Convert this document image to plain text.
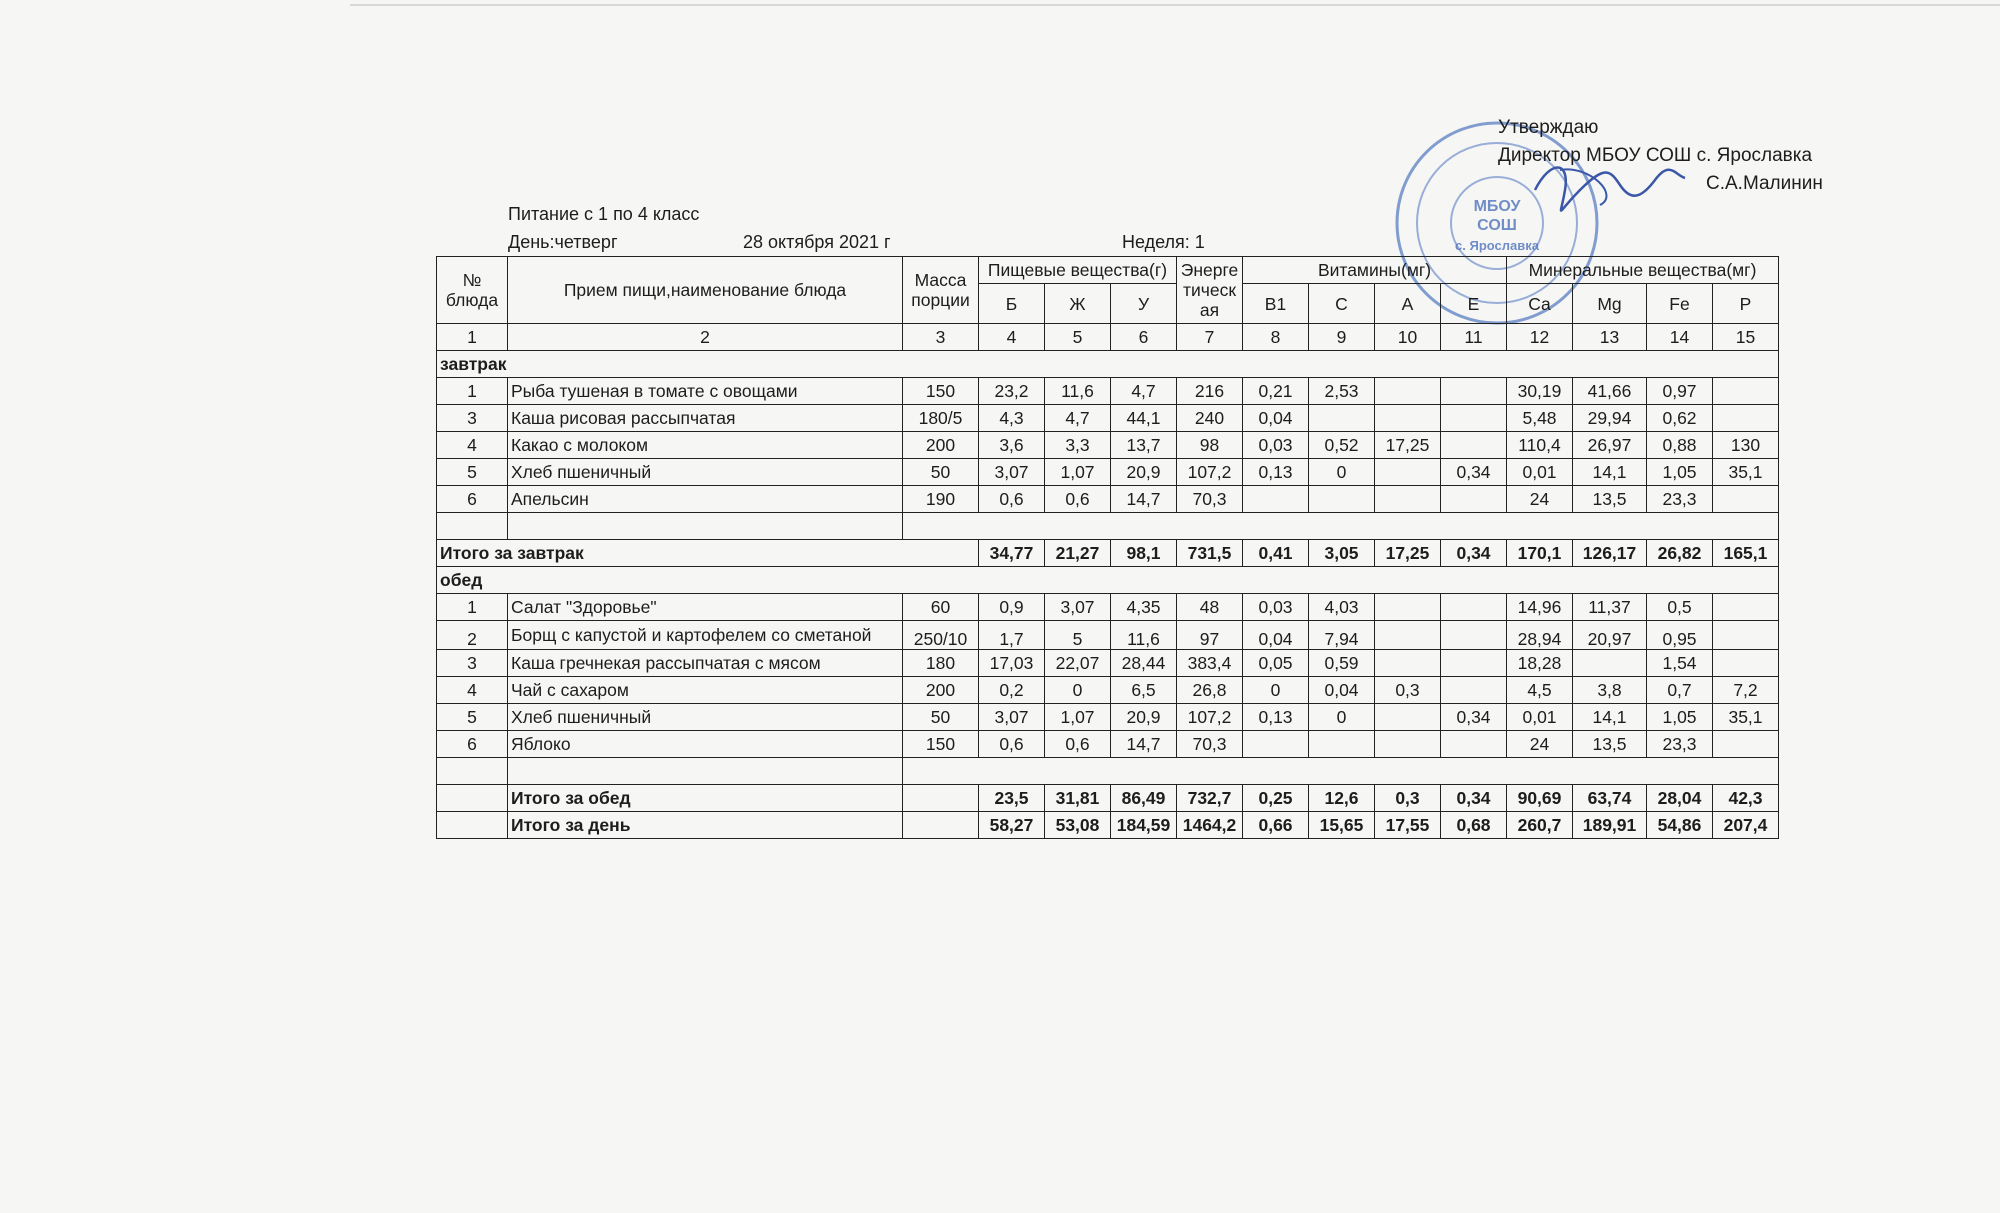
МБОУ
СОШ
с. Ярославка
Утверждаю
Директор МБОУ СОШ с. Ярославка

С.А.Малинин
Питание с 1 по 4 класс
День:четверг	28 октября 2021 г	Неделя: 1
№ блюда	Прием пищи,наименование блюда	Масса порции	Пищевые вещества(г)			Энергетическая	Витамины(мг)				Минеральные вещества(мг)			
			Б	Ж	У		В1	С	А	Е	Са	Mg	Fe	P
1	2	3	4	5	6	7	8	9	10	11	12	13	14	15
завтрак														
1	Рыба тушеная в томате с овощами	150	23,2	11,6	4,7	216	0,21	2,53			30,19	41,66	0,97	
3	Каша рисовая рассыпчатая	180/5	4,3	4,7	44,1	240	0,04				5,48	29,94	0,62	
4	Какао с молоком	200	3,6	3,3	13,7	98	0,03	0,52	17,25		110,4	26,97	0,88	130
5	Хлеб пшеничный	50	3,07	1,07	20,9	107,2	0,13	0		0,34	0,01	14,1	1,05	35,1
6	Апельсин	190	0,6	0,6	14,7	70,3					24	13,5	23,3	

Итого за завтрак			34,77	21,27	98,1	731,5	0,41	3,05	17,25	0,34	170,1	126,17	26,82	165,1
обед														
1	Салат "Здоровье"	60	0,9	3,07	4,35	48	0,03	4,03			14,96	11,37	0,5	
2	Борщ с капустой и картофелем со сметаной	250/10	1,7	5	11,6	97	0,04	7,94			28,94	20,97	0,95	
3	Каша гречнекая рассыпчатая с мясом	180	17,03	22,07	28,44	383,4	0,05	0,59			18,28		1,54	
4	Чай с сахаром	200	0,2	0	6,5	26,8	0	0,04	0,3		4,5	3,8	0,7	7,2
5	Хлеб пшеничный	50	3,07	1,07	20,9	107,2	0,13	0		0,34	0,01	14,1	1,05	35,1
6	Яблоко	150	0,6	0,6	14,7	70,3					24	13,5	23,3	

	Итого за обед		23,5	31,81	86,49	732,7	0,25	12,6	0,3	0,34	90,69	63,74	28,04	42,3
	Итого за день		58,27	53,08	184,59	1464,2	0,66	15,65	17,55	0,68	260,7	189,91	54,86	207,4
